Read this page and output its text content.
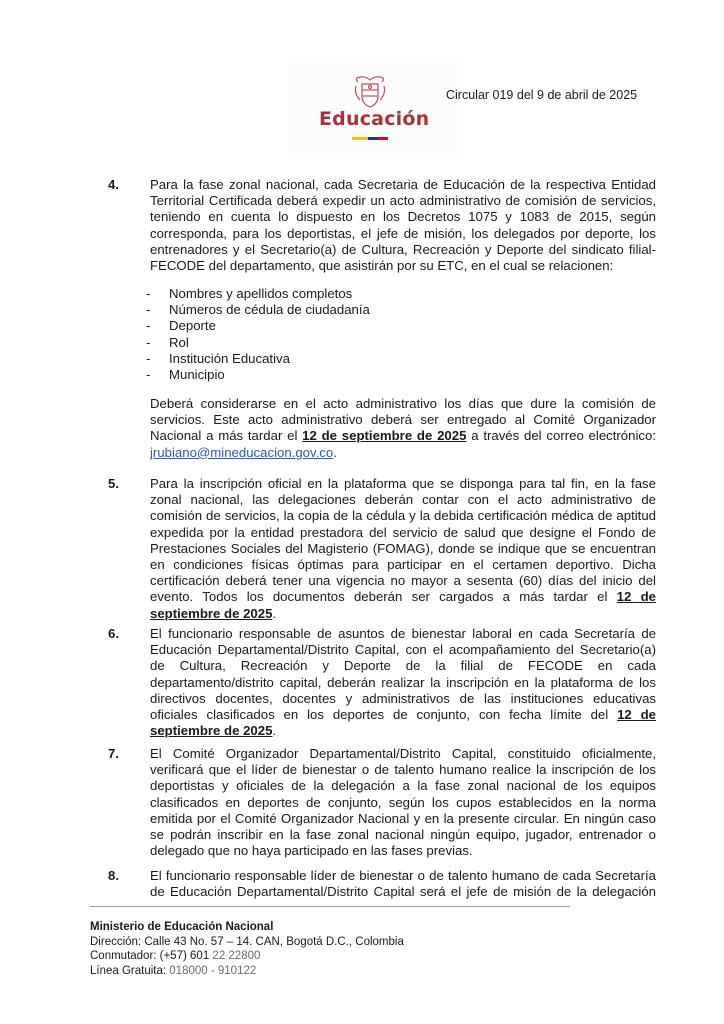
Educación
Circular 019 del 9 de abril de 2025
4. Para la fase zonal nacional, cada Secretaria de Educación de la respectiva Entidad Territorial Certificada deberá expedir un acto administrativo de comisión de servicios, teniendo en cuenta lo dispuesto en los Decretos 1075 y 1083 de 2015, según corresponda, para los deportistas, el jefe de misión, los delegados por deporte, los entrenadores y el Secretario(a) de Cultura, Recreación y Deporte del sindicato filial-FECODE del departamento, que asistirán por su ETC, en el cual se relacionen:
-	Nombres y apellidos completos
-	Números de cédula de ciudadanía
-	Deporte
-	Rol
-	Institución Educativa
-	Municipio
Deberá considerarse en el acto administrativo los días que dure la comisión de servicios. Este acto administrativo deberá ser entregado al Comité Organizador Nacional a más tardar el 12 de septiembre de 2025 a través del correo electrónico: jrubiano@mineducacion.gov.co.
5. Para la inscripción oficial en la plataforma que se disponga para tal fin, en la fase zonal nacional, las delegaciones deberán contar con el acto administrativo de comisión de servicios, la copia de la cédula y la debida certificación médica de aptitud expedida por la entidad prestadora del servicio de salud que designe el Fondo de Prestaciones Sociales del Magisterio (FOMAG), donde se indique que se encuentran en condiciones físicas óptimas para participar en el certamen deportivo. Dicha certificación deberá tener una vigencia no mayor a sesenta (60) días del inicio del evento. Todos los documentos deberán ser cargados a más tardar el 12 de septiembre de 2025.
6. El funcionario responsable de asuntos de bienestar laboral en cada Secretaría de Educación Departamental/Distrito Capital, con el acompañamiento del Secretario(a) de Cultura, Recreación y Deporte de la filial de FECODE en cada departamento/distrito capital, deberán realizar la inscripción en la plataforma de los directivos docentes, docentes y administrativos de las instituciones educativas oficiales clasificados en los deportes de conjunto, con fecha límite del 12 de septiembre de 2025.
7. El Comité Organizador Departamental/Distrito Capital, constituido oficialmente, verificará que el líder de bienestar o de talento humano realice la inscripción de los deportistas y oficiales de la delegación a la fase zonal nacional de los equipos clasificados en deportes de conjunto, según los cupos establecidos en la norma emitida por el Comité Organizador Nacional y en la presente circular. En ningún caso se podrán inscribir en la fase zonal nacional ningún equipo, jugador, entrenador o delegado que no haya participado en las fases previas.
8. El funcionario responsable líder de bienestar o de talento humano de cada Secretaría de Educación Departamental/Distrito Capital será el jefe de misión de la delegación
Ministerio de Educación Nacional
Dirección: Calle 43 No. 57 – 14. CAN, Bogotá D.C., Colombia
Conmutador: (+57) 601 22 22800
Línea Gratuita: 018000 - 910122
